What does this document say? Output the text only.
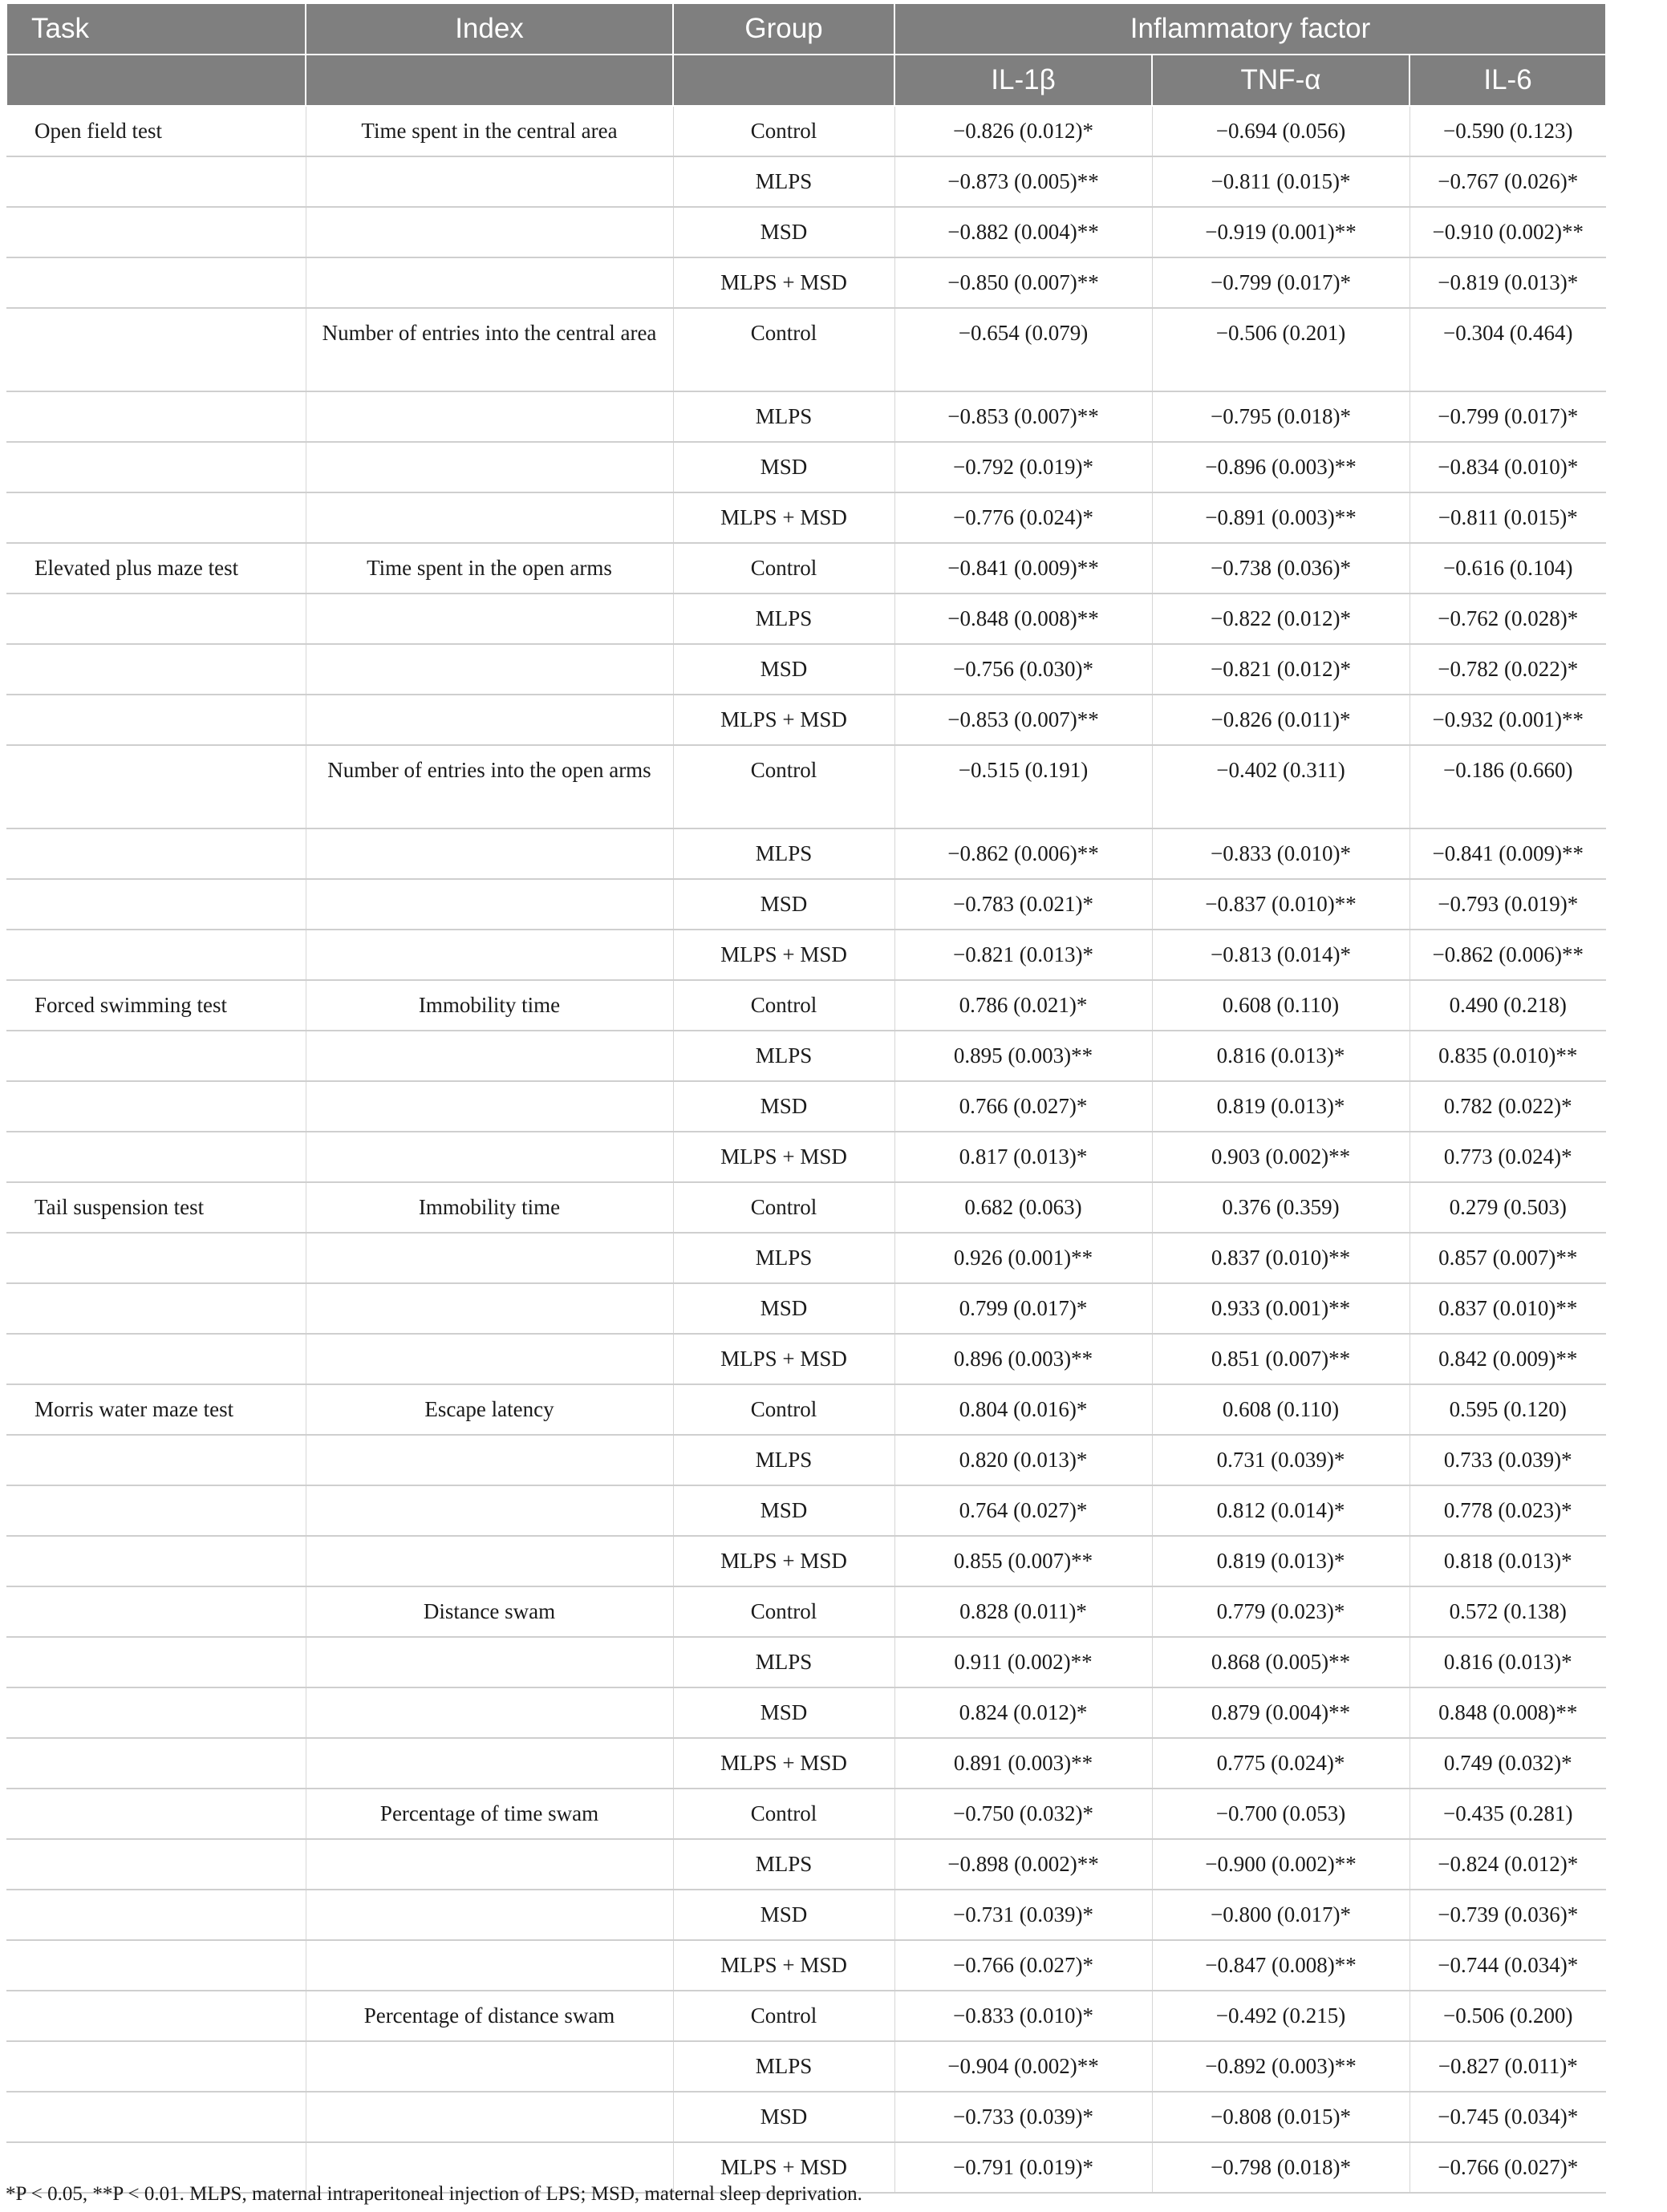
Task	Index	Group	Inflammatory factor		
			IL-1β	TNF-α	IL-6
Open field test	Time spent in the central area	Control	−0.826 (0.012)*	−0.694 (0.056)	−0.590 (0.123)
		MLPS	−0.873 (0.005)**	−0.811 (0.015)*	−0.767 (0.026)*
		MSD	−0.882 (0.004)**	−0.919 (0.001)**	−0.910 (0.002)**
		MLPS + MSD	−0.850 (0.007)**	−0.799 (0.017)*	−0.819 (0.013)*
	Number of entries into the central area	Control	−0.654 (0.079)	−0.506 (0.201)	−0.304 (0.464)
		MLPS	−0.853 (0.007)**	−0.795 (0.018)*	−0.799 (0.017)*
		MSD	−0.792 (0.019)*	−0.896 (0.003)**	−0.834 (0.010)*
		MLPS + MSD	−0.776 (0.024)*	−0.891 (0.003)**	−0.811 (0.015)*
Elevated plus maze test	Time spent in the open arms	Control	−0.841 (0.009)**	−0.738 (0.036)*	−0.616 (0.104)
		MLPS	−0.848 (0.008)**	−0.822 (0.012)*	−0.762 (0.028)*
		MSD	−0.756 (0.030)*	−0.821 (0.012)*	−0.782 (0.022)*
		MLPS + MSD	−0.853 (0.007)**	−0.826 (0.011)*	−0.932 (0.001)**
	Number of entries into the open arms	Control	−0.515 (0.191)	−0.402 (0.311)	−0.186 (0.660)
		MLPS	−0.862 (0.006)**	−0.833 (0.010)*	−0.841 (0.009)**
		MSD	−0.783 (0.021)*	−0.837 (0.010)**	−0.793 (0.019)*
		MLPS + MSD	−0.821 (0.013)*	−0.813 (0.014)*	−0.862 (0.006)**
Forced swimming test	Immobility time	Control	0.786 (0.021)*	0.608 (0.110)	0.490 (0.218)
		MLPS	0.895 (0.003)**	0.816 (0.013)*	0.835 (0.010)**
		MSD	0.766 (0.027)*	0.819 (0.013)*	0.782 (0.022)*
		MLPS + MSD	0.817 (0.013)*	0.903 (0.002)**	0.773 (0.024)*
Tail suspension test	Immobility time	Control	0.682 (0.063)	0.376 (0.359)	0.279 (0.503)
		MLPS	0.926 (0.001)**	0.837 (0.010)**	0.857 (0.007)**
		MSD	0.799 (0.017)*	0.933 (0.001)**	0.837 (0.010)**
		MLPS + MSD	0.896 (0.003)**	0.851 (0.007)**	0.842 (0.009)**
Morris water maze test	Escape latency	Control	0.804 (0.016)*	0.608 (0.110)	0.595 (0.120)
		MLPS	0.820 (0.013)*	0.731 (0.039)*	0.733 (0.039)*
		MSD	0.764 (0.027)*	0.812 (0.014)*	0.778 (0.023)*
		MLPS + MSD	0.855 (0.007)**	0.819 (0.013)*	0.818 (0.013)*
	Distance swam	Control	0.828 (0.011)*	0.779 (0.023)*	0.572 (0.138)
		MLPS	0.911 (0.002)**	0.868 (0.005)**	0.816 (0.013)*
		MSD	0.824 (0.012)*	0.879 (0.004)**	0.848 (0.008)**
		MLPS + MSD	0.891 (0.003)**	0.775 (0.024)*	0.749 (0.032)*
	Percentage of time swam	Control	−0.750 (0.032)*	−0.700 (0.053)	−0.435 (0.281)
		MLPS	−0.898 (0.002)**	−0.900 (0.002)**	−0.824 (0.012)*
		MSD	−0.731 (0.039)*	−0.800 (0.017)*	−0.739 (0.036)*
		MLPS + MSD	−0.766 (0.027)*	−0.847 (0.008)**	−0.744 (0.034)*
	Percentage of distance swam	Control	−0.833 (0.010)*	−0.492 (0.215)	−0.506 (0.200)
		MLPS	−0.904 (0.002)**	−0.892 (0.003)**	−0.827 (0.011)*
		MSD	−0.733 (0.039)*	−0.808 (0.015)*	−0.745 (0.034)*
		MLPS + MSD	−0.791 (0.019)*	−0.798 (0.018)*	−0.766 (0.027)*
*P < 0.05, **P < 0.01. MLPS, maternal intraperitoneal injection of LPS; MSD, maternal sleep deprivation.
